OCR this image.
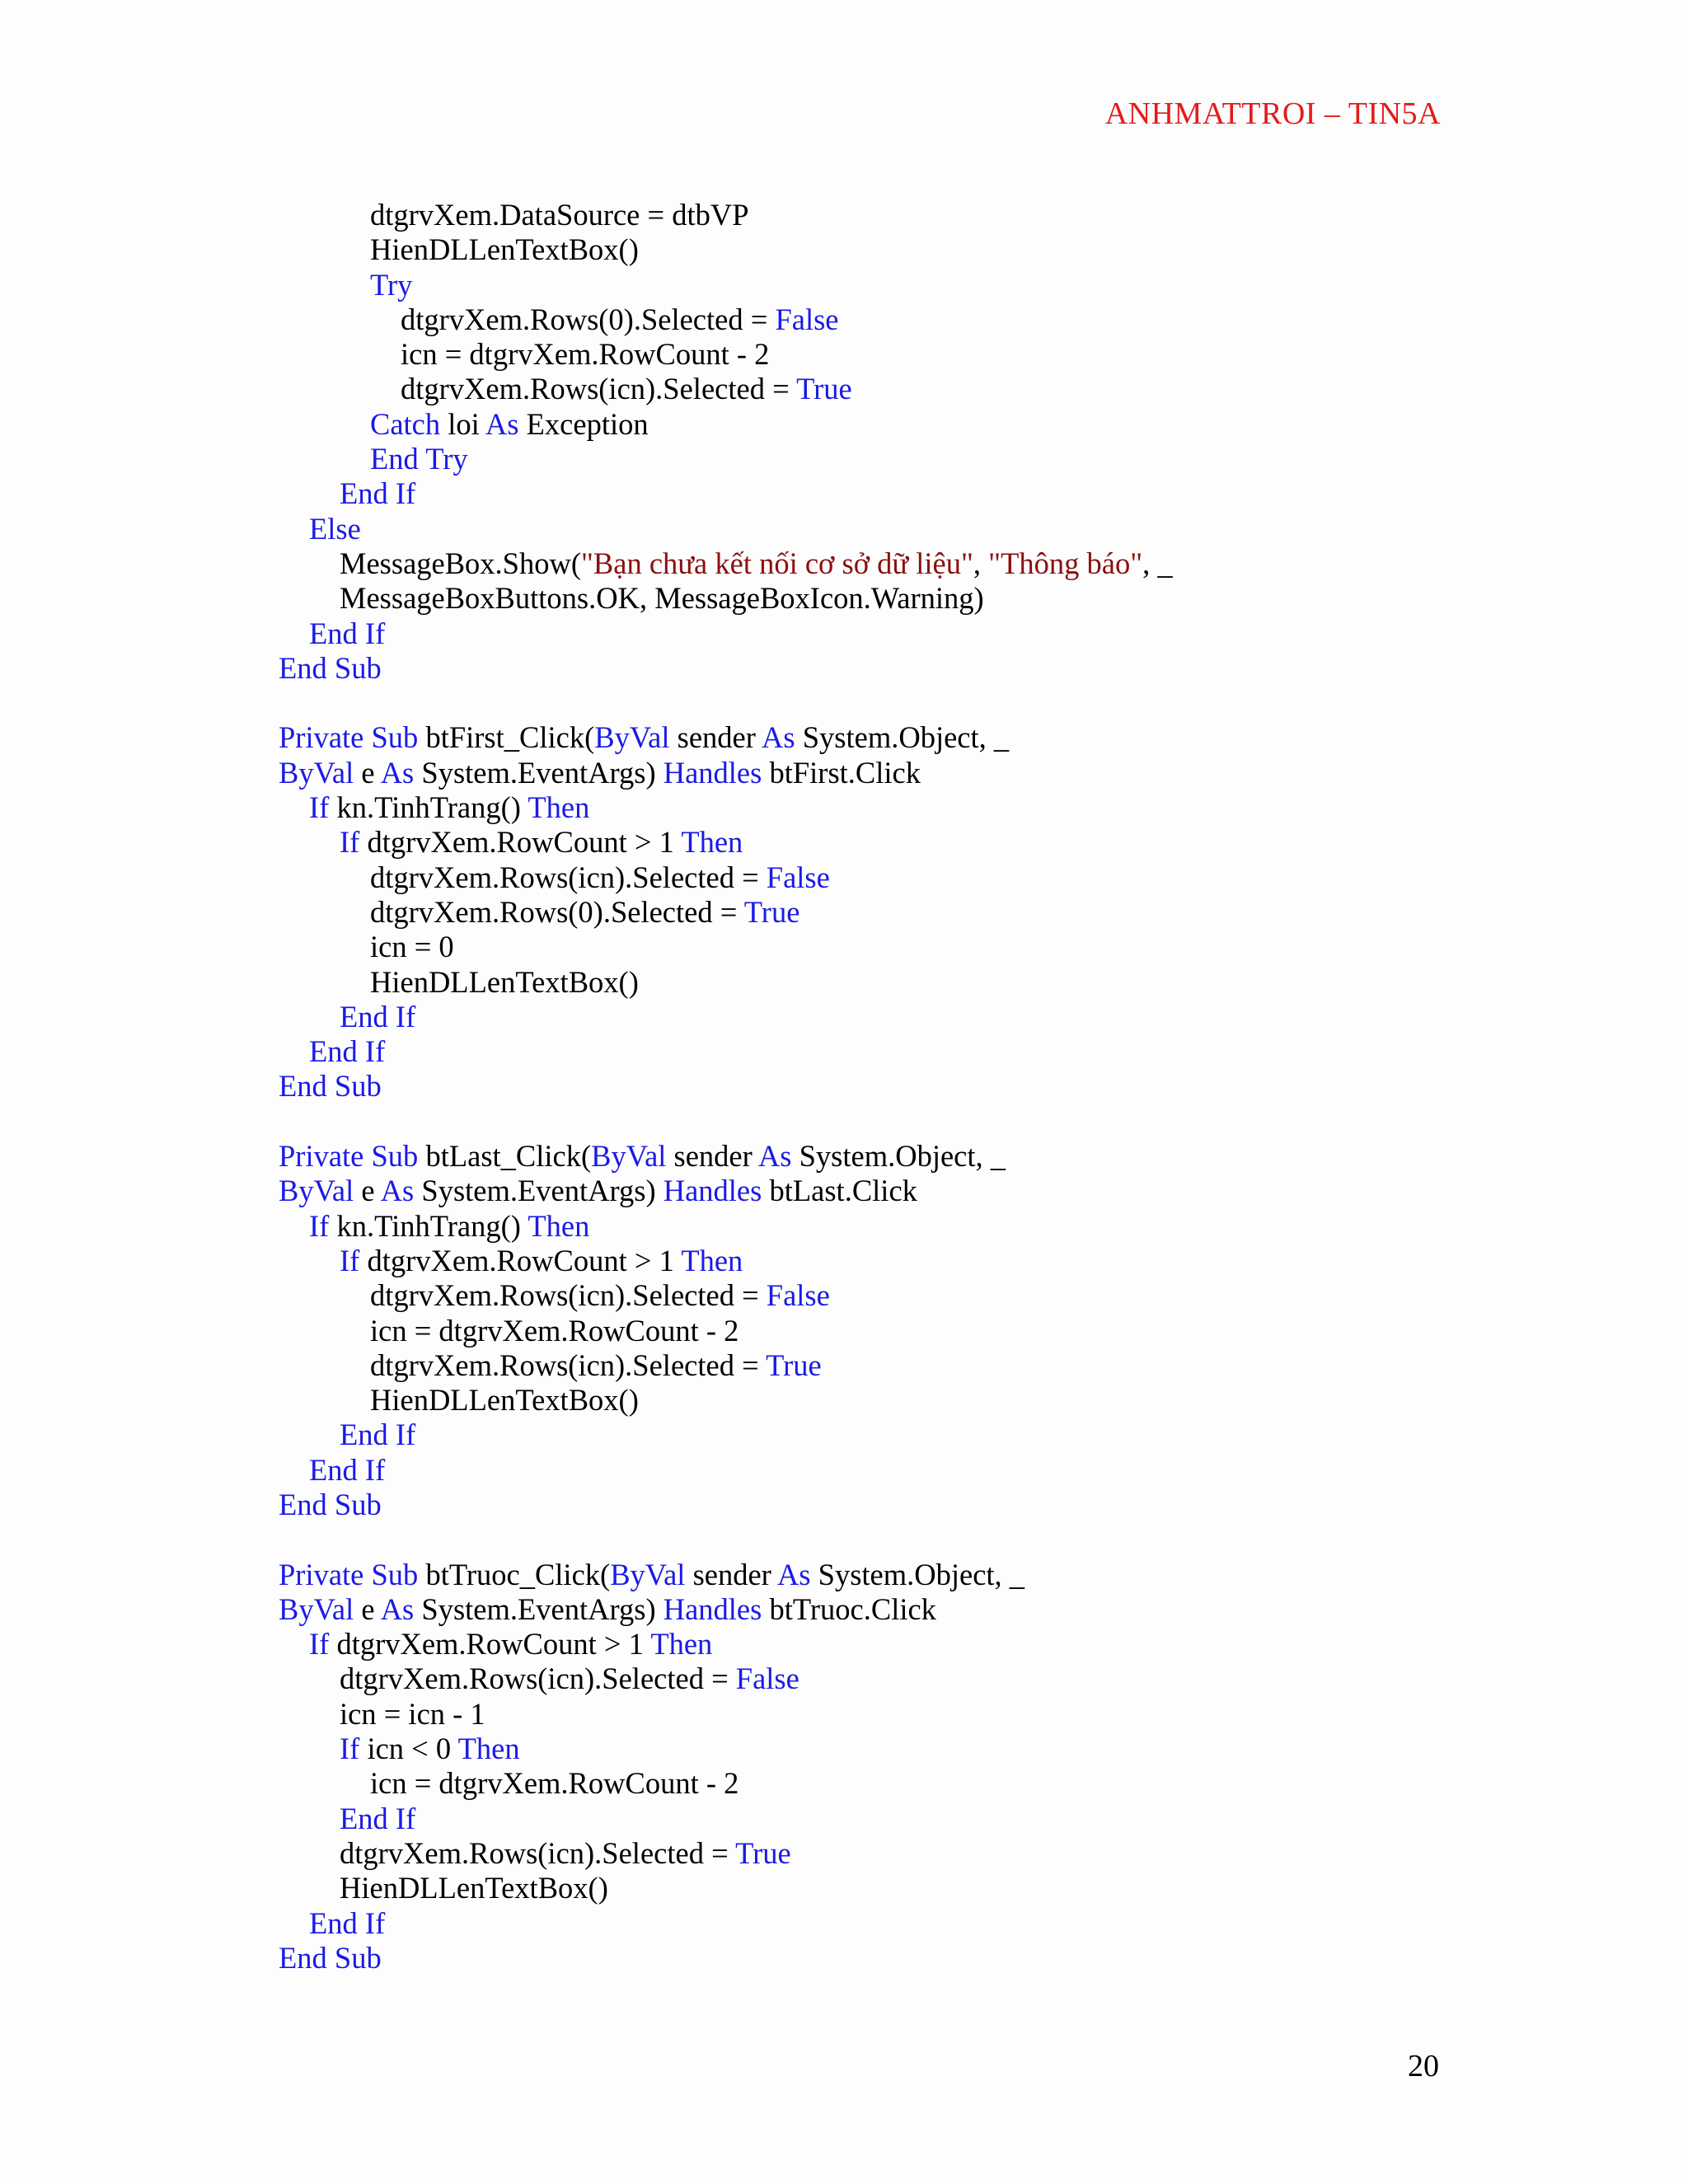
ANHMATTROI – TIN5A
dtgrvXem.DataSource = dtbVP
HienDLLenTextBox()
Try
dtgrvXem.Rows(0).Selected = False
icn = dtgrvXem.RowCount - 2
dtgrvXem.Rows(icn).Selected = True
Catch loi As Exception
End Try
End If
Else
MessageBox.Show("Bạn chưa kết nối cơ sở dữ liệu", "Thông báo", _
MessageBoxButtons.OK, MessageBoxIcon.Warning)
End If
End Sub
Private Sub btFirst_Click(ByVal sender As System.Object, _
ByVal e As System.EventArgs) Handles btFirst.Click
If kn.TinhTrang() Then
If dtgrvXem.RowCount > 1 Then
dtgrvXem.Rows(icn).Selected = False
dtgrvXem.Rows(0).Selected = True
icn = 0
HienDLLenTextBox()
End If
End If
End Sub
Private Sub btLast_Click(ByVal sender As System.Object, _
ByVal e As System.EventArgs) Handles btLast.Click
If kn.TinhTrang() Then
If dtgrvXem.RowCount > 1 Then
dtgrvXem.Rows(icn).Selected = False
icn = dtgrvXem.RowCount - 2
dtgrvXem.Rows(icn).Selected = True
HienDLLenTextBox()
End If
End If
End Sub
Private Sub btTruoc_Click(ByVal sender As System.Object, _
ByVal e As System.EventArgs) Handles btTruoc.Click
If dtgrvXem.RowCount > 1 Then
dtgrvXem.Rows(icn).Selected = False
icn = icn - 1
If icn < 0 Then
icn = dtgrvXem.RowCount - 2
End If
dtgrvXem.Rows(icn).Selected = True
HienDLLenTextBox()
End If
End Sub
20
